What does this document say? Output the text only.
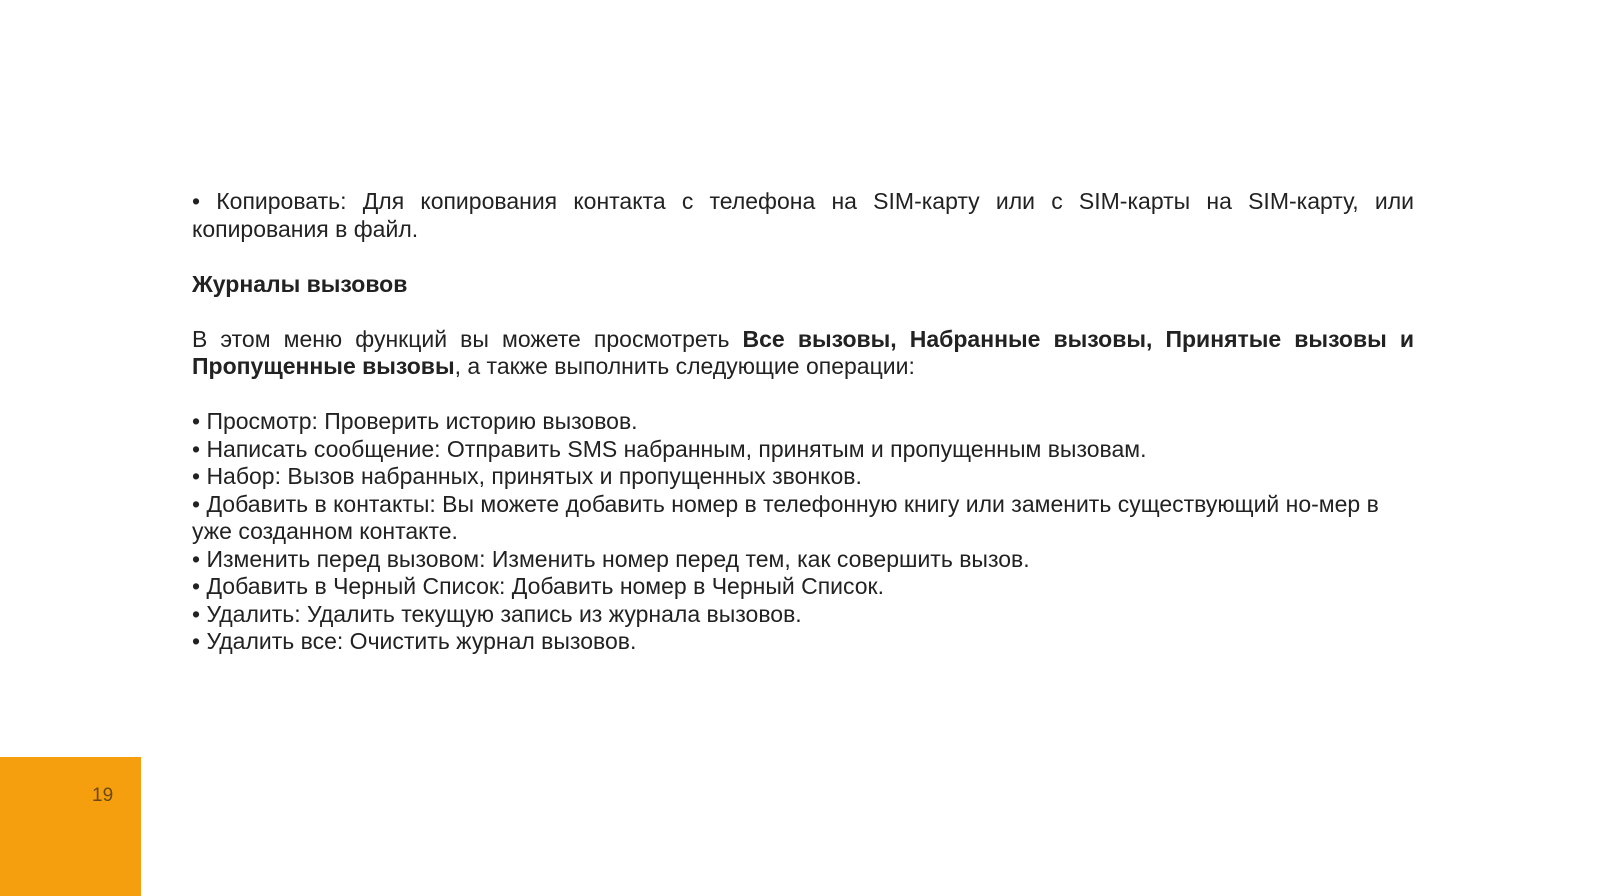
• Копировать: Для копирования контакта с телефона на SIM-карту или с SIM-карты на SIM-карту, или копирования в файл.

Журналы вызовов

В этом меню функций вы можете просмотреть Все вызовы, Набранные вызовы, Принятые вызовы и Пропущенные вызовы, а также выполнить следующие операции:

• Просмотр: Проверить историю вызовов.
• Написать сообщение: Отправить SMS набранным, принятым и пропущенным вызовам.
• Набор: Вызов набранных, принятых и пропущенных звонков.
• Добавить в контакты: Вы можете добавить номер в телефонную книгу или заменить существующий но-мер в уже созданном контакте.
• Изменить перед вызовом: Изменить номер перед тем, как совершить вызов.
• Добавить в Черный Список: Добавить номер в Черный Список.
• Удалить: Удалить текущую запись из журнала вызовов.
• Удалить все: Очистить журнал вызовов.
19
